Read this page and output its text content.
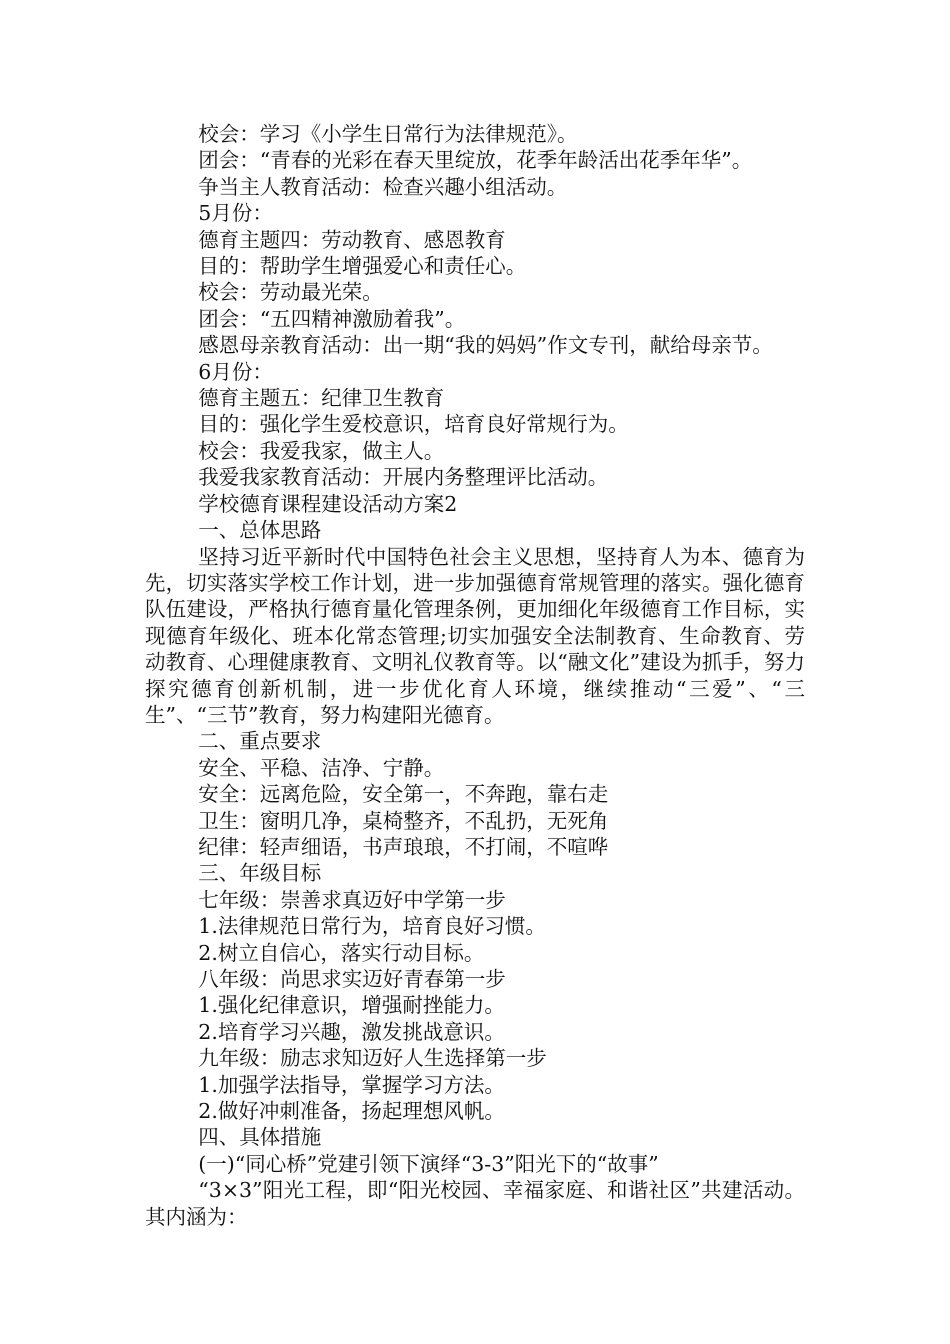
校会：学习《小学生日常行为法律规范》。

团会：“青春的光彩在春天里绽放，花季年龄活出花季年华”。

争当主人教育活动：检查兴趣小组活动。

5月份：

德育主题四：劳动教育、感恩教育

目的：帮助学生增强爱心和责任心。

校会：劳动最光荣。

团会：“五四精神激励着我”。

感恩母亲教育活动：出一期“我的妈妈”作文专刊，献给母亲节。

6月份：

德育主题五：纪律卫生教育

目的：强化学生爱校意识，培育良好常规行为。

校会：我爱我家，做主人。

我爱我家教育活动：开展内务整理评比活动。

学校德育课程建设活动方案2

一、总体思路

坚持习近平新时代中国特色社会主义思想，坚持育人为本、德育为先，切实落实学校工作计划，进一步加强德育常规管理的落实。强化德育队伍建设，严格执行德育量化管理条例，更加细化年级德育工作目标，实现德育年级化、班本化常态管理;切实加强安全法制教育、生命教育、劳动教育、心理健康教育、文明礼仪教育等。以“融文化”建设为抓手，努力探究德育创新机制，进一步优化育人环境，继续推动“三爱”、“三生”、“三节”教育，努力构建阳光德育。

二、重点要求

安全、平稳、洁净、宁静。

安全：远离危险，安全第一，不奔跑，靠右走

卫生：窗明几净，桌椅整齐，不乱扔，无死角

纪律：轻声细语，书声琅琅，不打闹，不喧哗

三、年级目标

七年级：崇善求真迈好中学第一步

1.法律规范日常行为，培育良好习惯。

2.树立自信心，落实行动目标。

八年级：尚思求实迈好青春第一步

1.强化纪律意识，增强耐挫能力。

2.培育学习兴趣，激发挑战意识。

九年级：励志求知迈好人生选择第一步

1.加强学法指导，掌握学习方法。

2.做好冲刺准备，扬起理想风帆。

四、具体措施

(一)“同心桥”党建引领下演绎“3-3”阳光下的“故事”

“3×3”阳光工程，即“阳光校园、幸福家庭、和谐社区”共建活动。其内涵为：
